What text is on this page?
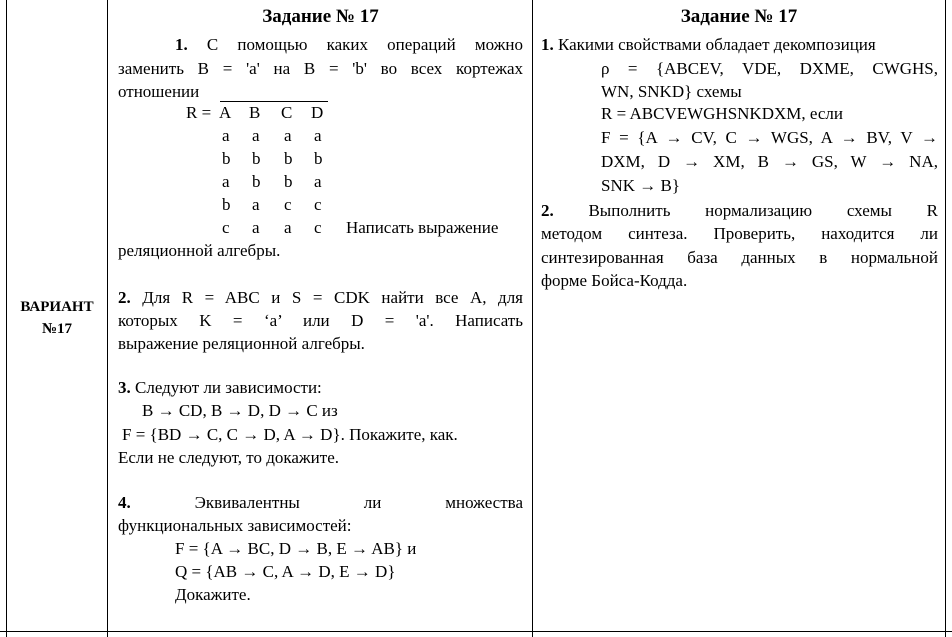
ВАРИАНТ
№17
Задание № 17
1. С помощью каких операций можно
заменить B = 'a' на B = 'b' во всех кортежах
отношении
R =
Написать выражение
реляционной алгебры.
2. Для R = ABC и S = CDK найти все A, для
которых K = ‘a’ или D = 'a'. Написать
выражение реляционной алгебры.
3. Следуют ли зависимости:
B → CD, B → D, D → C из
F = {BD → C, C → D, A → D}. Покажите, как.
Если не следуют, то докажите.
4.	Эквивалентны ли множества
функциональных зависимостей:
F = {A → BC, D → B, E → AB} и
Q = {AB → C, A → D, E → D}
Докажите.
Задание № 17
1. Какими свойствами обладает декомпозиция
ρ = {ABCEV, VDE, DXME, CWGHS,
WN, SNKD} схемы
R = ABCVEWGHSNKDXM, если
F = {A → CV, C → WGS, A → BV, V →
DXM, D → XM, B → GS, W → NA,
SNK → B}
2. Выполнить нормализацию схемы R
методом синтеза. Проверить, находится ли
синтезированная база данных в нормальной
форме Бойса-Кодда.
A B C D
a a a a
b b b b
a b b a
b a c c
c a a c
